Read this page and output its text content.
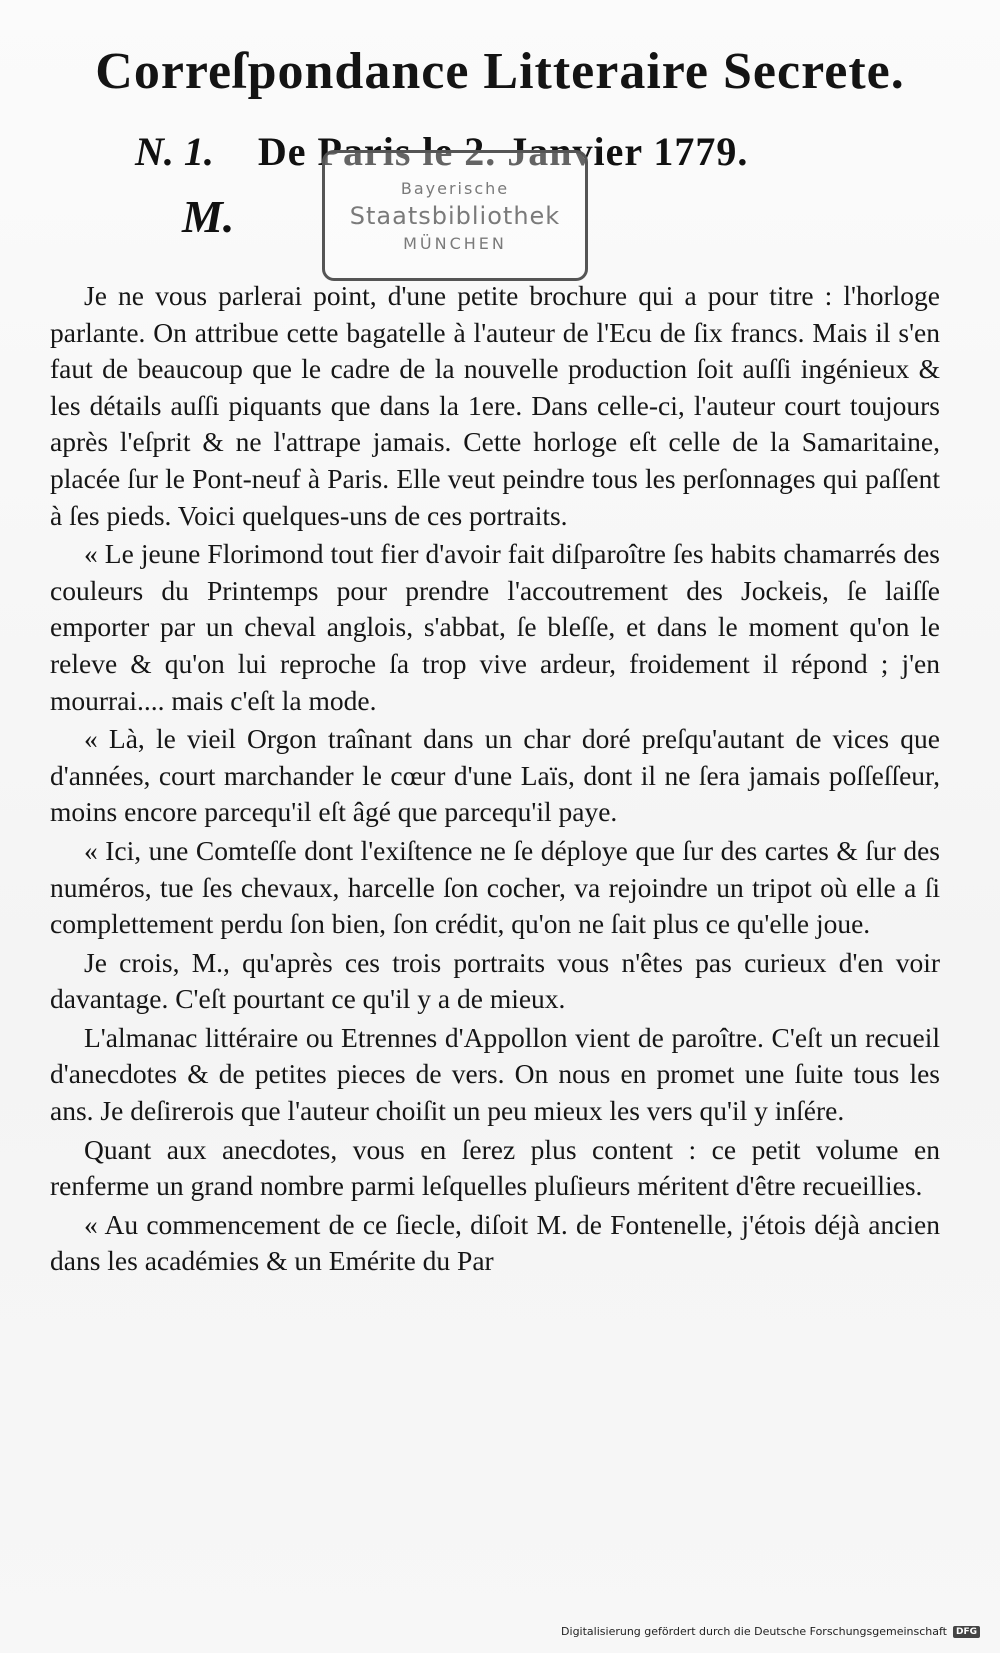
Correſpondance Litteraire Secrete.
N. 1. De Paris le 2. Janvier 1779.
M.
Bayerische
Staatsbibliothek
MÜNCHEN

Je ne vous parlerai point, d'une petite brochure qui a pour titre : l'horloge parlante. On attribue cette bagatelle à l'auteur de l'Ecu de ſix francs. Mais il s'en faut de beaucoup que le cadre de la nouvelle production ſoit auſſi ingénieux & les détails auſſi piquants que dans la 1ere. Dans celle-ci, l'auteur court toujours après l'eſprit & ne l'attrape jamais. Cette horloge eſt celle de la Samaritaine, placée ſur le Pont-neuf à Paris. Elle veut peindre tous les perſonnages qui paſſent à ſes pieds. Voici quelques-uns de ces portraits.

« Le jeune Florimond tout fier d'avoir fait diſparoître ſes habits chamarrés des couleurs du Printemps pour prendre l'accoutrement des Jockeis, ſe laiſſe emporter par un cheval anglois, s'abbat, ſe bleſſe, et dans le moment qu'on le releve & qu'on lui reproche ſa trop vive ardeur, froidement il répond ; j'en mourrai.... mais c'eſt la mode.

« Là, le vieil Orgon traînant dans un char doré preſqu'autant de vices que d'années, court marchander le cœur d'une Laïs, dont il ne ſera jamais poſſeſſeur, moins encore parcequ'il eſt âgé que parcequ'il paye.

« Ici, une Comteſſe dont l'exiſtence ne ſe déploye que ſur des cartes & ſur des numéros, tue ſes chevaux, harcelle ſon cocher, va rejoindre un tripot où elle a ſi complettement perdu ſon bien, ſon crédit, qu'on ne ſait plus ce qu'elle joue.

Je crois, M., qu'après ces trois portraits vous n'êtes pas curieux d'en voir davantage. C'eſt pourtant ce qu'il y a de mieux.

L'almanac littéraire ou Etrennes d'Appollon vient de paroître. C'eſt un recueil d'anecdotes & de petites pieces de vers. On nous en promet une ſuite tous les ans. Je deſirerois que l'auteur choiſit un peu mieux les vers qu'il y inſére.

Quant aux anecdotes, vous en ſerez plus content : ce petit volume en renferme un grand nombre parmi leſquelles pluſieurs méritent d'être recueillies.

« Au commencement de ce ſiecle, diſoit M. de Fontenelle, j'étois déjà ancien dans les académies & un Emérite du Par

Digitalisierung gefördert durch die Deutsche Forschungsgemeinschaft	DFG
